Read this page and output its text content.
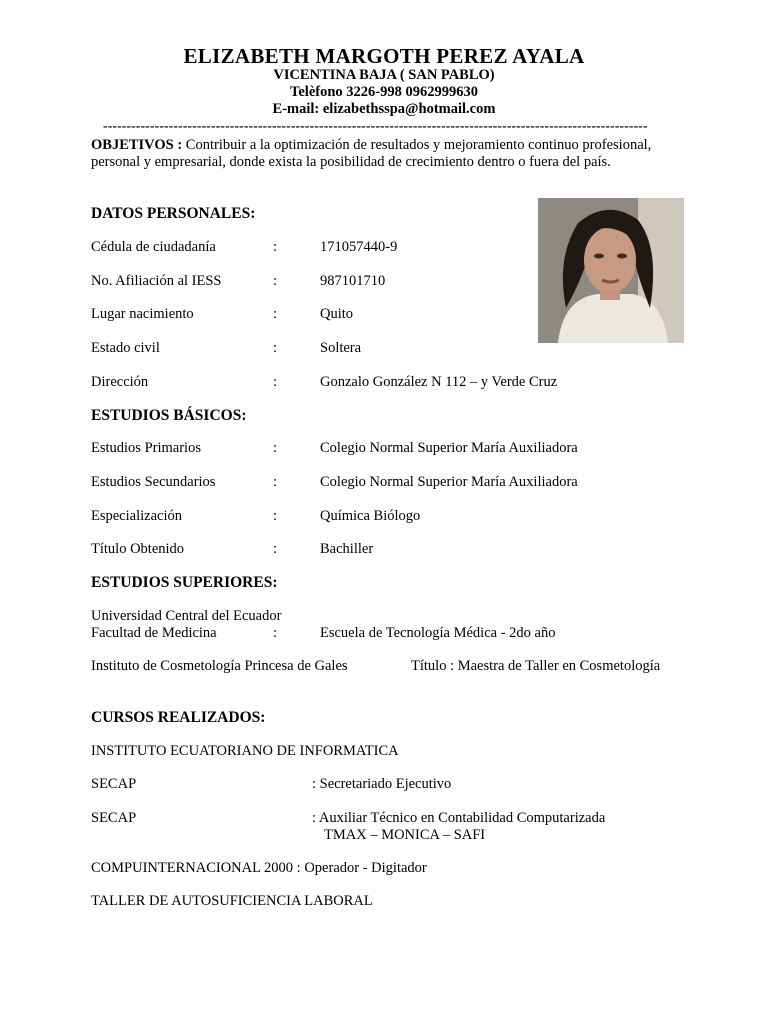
ELIZABETH MARGOTH PEREZ AYALA
VICENTINA BAJA ( SAN PABLO)
Telèfono 3226-998 0962999630
E-mail: elizabethsspa@hotmail.com
--------------------------------------------------------------------------------------------------------------------
OBJETIVOS : Contribuir a la optimización de resultados y mejoramiento continuo profesional, personal y empresarial, donde exista la posibilidad de crecimiento dentro o fuera del país.
DATOS PERSONALES:
Cédula de ciudadanía	:	171057440-9
No. Afiliación al IESS	:	987101710
Lugar nacimiento	:	Quito
Estado civil	:	Soltera
Dirección	:	Gonzalo González N 112 – y Verde Cruz
ESTUDIOS BÁSICOS:
Estudios Primarios	:	Colegio Normal Superior María Auxiliadora
Estudios Secundarios	:	Colegio Normal Superior María Auxiliadora
Especialización	:	Química Biólogo
Título Obtenido	:	Bachiller
ESTUDIOS SUPERIORES:
Universidad Central del Ecuador
Facultad de Medicina	:	Escuela de Tecnología Médica - 2do año
Instituto de Cosmetología Princesa de Gales	Título : Maestra de Taller en Cosmetología
CURSOS REALIZADOS:
INSTITUTO ECUATORIANO DE INFORMATICA
SECAP	: Secretariado Ejecutivo
SECAP	: Auxiliar Técnico en Contabilidad Computarizada
TMAX – MONICA – SAFI
COMPUINTERNACIONAL 2000 : Operador - Digitador
TALLER DE AUTOSUFICIENCIA LABORAL
